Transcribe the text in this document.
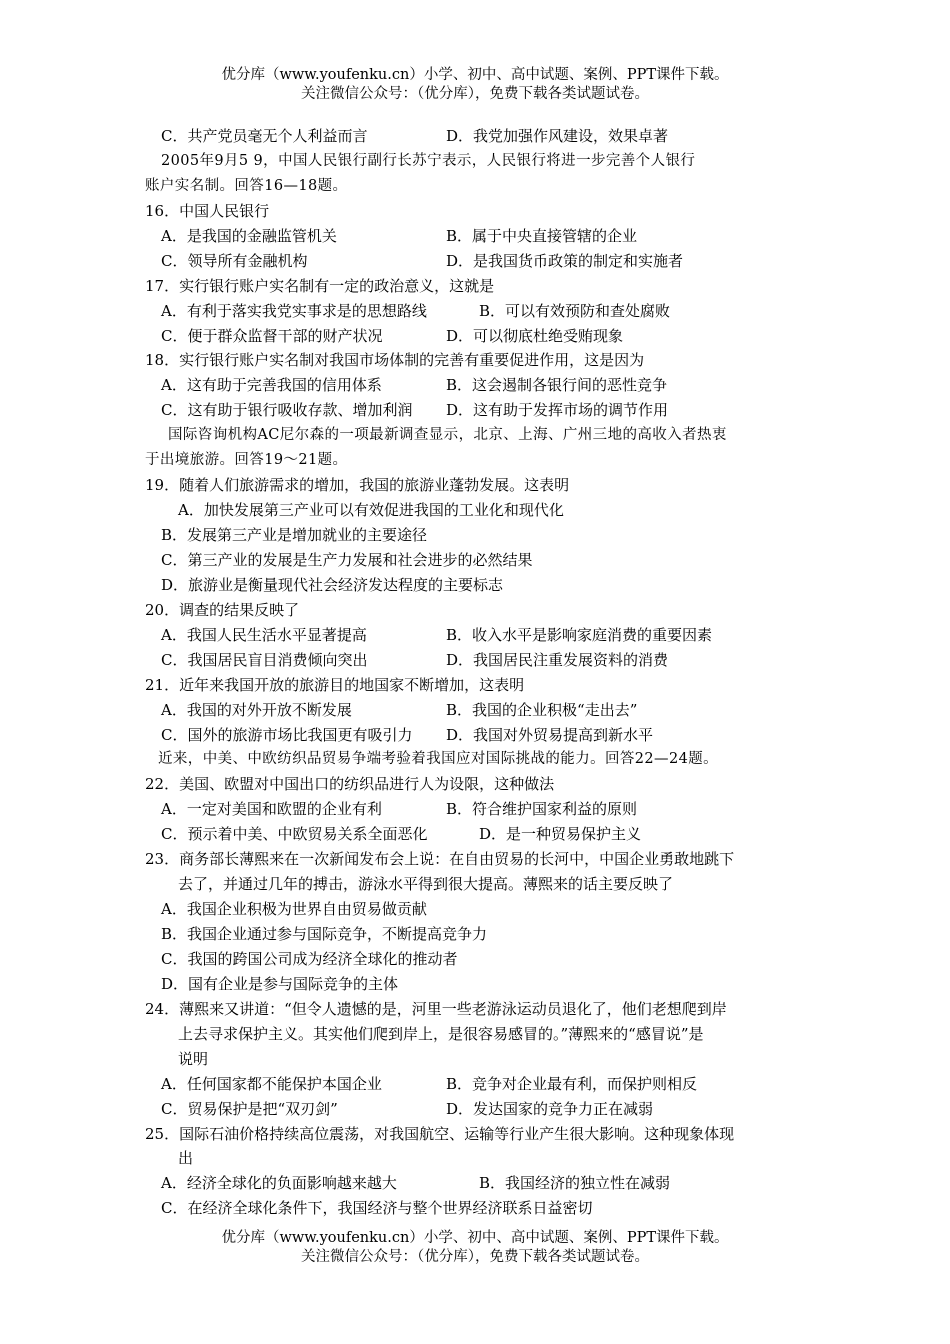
优分库（www.youfenku.cn）小学、初中、高中试题、案例、PPT课件下载。
关注微信公众号：（优分库），免费下载各类试题试卷。
C．共产党员毫无个人利益而言	D．我党加强作风建设，效果卓著
2005年9月5 9，中国人民银行副行长苏宁表示，人民银行将进一步完善个人银行
账户实名制。回答16—18题。
16．中国人民银行
A．是我国的金融监管机关	B．属于中央直接管辖的企业
C．领导所有金融机构	D．是我国货币政策的制定和实施者
17．实行银行账户实名制有一定的政治意义，这就是
A．有利于落实我党实事求是的思想路线	B．可以有效预防和查处腐败
C．便于群众监督干部的财产状况	D．可以彻底杜绝受贿现象
18．实行银行账户实名制对我国市场体制的完善有重要促进作用，这是因为
A．这有助于完善我国的信用体系	B．这会遏制各银行间的恶性竞争
C．这有助于银行吸收存款、增加利润 D．这有助于发挥市场的调节作用
国际咨询机构AC尼尔森的一项最新调查显示，北京、上海、广州三地的高收入者热衷
于出境旅游。回答19～21题。
19．随着人们旅游需求的增加，我国的旅游业蓬勃发展。这表明
A．加快发展第三产业可以有效促进我国的工业化和现代化
B．发展第三产业是增加就业的主要途径
C．第三产业的发展是生产力发展和社会进步的必然结果
D．旅游业是衡量现代社会经济发达程度的主要标志
20．调查的结果反映了
A．我国人民生活水平显著提高	B．收入水平是影响家庭消费的重要因素
C．我国居民盲目消费倾向突出	D．我国居民注重发展资料的消费
21．近年来我国开放的旅游目的地国家不断增加，这表明
A．我国的对外开放不断发展	B．我国的企业积极“走出去”
C．国外的旅游市场比我国更有吸引力 D．我国对外贸易提高到新水平
近来，中美、中欧纺织品贸易争端考验着我国应对国际挑战的能力。回答22—24题。
22．美国、欧盟对中国出口的纺织品进行人为设限，这种做法
A．一定对美国和欧盟的企业有利	B．符合维护国家利益的原则
C．预示着中美、中欧贸易关系全面恶化	D．是一种贸易保护主义
23．商务部长薄熙来在一次新闻发布会上说：在自由贸易的长河中，中国企业勇敢地跳下
去了，并通过几年的搏击，游泳水平得到很大提高。薄熙来的话主要反映了
A．我国企业积极为世界自由贸易做贡献
B．我国企业通过参与国际竞争，不断提高竞争力
C．我国的跨国公司成为经济全球化的推动者
D．国有企业是参与国际竞争的主体
24．薄熙来又讲道：“但令人遗憾的是，河里一些老游泳运动员退化了，他们老想爬到岸
上去寻求保护主义。其实他们爬到岸上，是很容易感冒的。”薄熙来的“感冒说”是
说明
A．任何国家都不能保护本国企业	B．竞争对企业最有利，而保护则相反
C．贸易保护是把“双刃剑”	D．发达国家的竞争力正在减弱
25．国际石油价格持续高位震荡，对我国航空、运输等行业产生很大影响。这种现象体现
出
A．经济全球化的负面影响越来越大	B．我国经济的独立性在减弱
C．在经济全球化条件下，我国经济与整个世界经济联系日益密切
优分库（www.youfenku.cn）小学、初中、高中试题、案例、PPT课件下载。
关注微信公众号：（优分库），免费下载各类试题试卷。
